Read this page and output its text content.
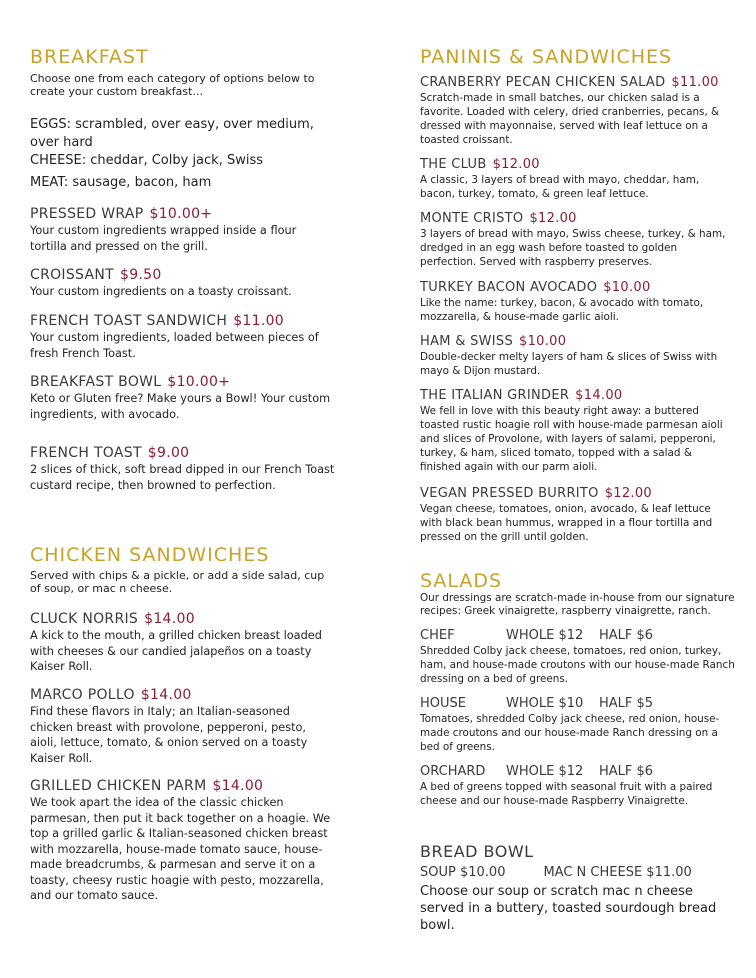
BREAKFAST
Choose one from each category of options below to create your custom breakfast...
EGGS: scrambled, over easy, over medium, over hard
CHEESE: cheddar, Colby jack, Swiss
MEAT: sausage, bacon, ham
PRESSED WRAP $10.00+
Your custom ingredients wrapped inside a flour tortilla and pressed on the grill.
CROISSANT $9.50
Your custom ingredients on a toasty croissant.
FRENCH TOAST SANDWICH $11.00
Your custom ingredients, loaded between pieces of fresh French Toast.
BREAKFAST BOWL $10.00+
Keto or Gluten free? Make yours a Bowl! Your custom ingredients, with avocado.
FRENCH TOAST $9.00
2 slices of thick, soft bread dipped in our French Toast custard recipe, then browned to perfection.
CHICKEN SANDWICHES
Served with chips & a pickle, or add a side salad, cup of soup, or mac n cheese.
CLUCK NORRIS $14.00
A kick to the mouth, a grilled chicken breast loaded with cheeses & our candied jalapeños on a toasty Kaiser Roll.
MARCO POLLO $14.00
Find these flavors in Italy; an Italian-seasoned chicken breast with provolone, pepperoni, pesto, aioli, lettuce, tomato, & onion served on a toasty Kaiser Roll.
GRILLED CHICKEN PARM $14.00
We took apart the idea of the classic chicken parmesan, then put it back together on a hoagie. We top a grilled garlic & Italian-seasoned chicken breast with mozzarella, house-made tomato sauce, house-made breadcrumbs, & parmesan and serve it on a toasty, cheesy rustic hoagie with pesto, mozzarella, and our tomato sauce.
PANINIS & SANDWICHES
CRANBERRY PECAN CHICKEN SALAD $11.00
Scratch-made in small batches, our chicken salad is a favorite. Loaded with celery, dried cranberries, pecans, & dressed with mayonnaise, served with leaf lettuce on a toasted croissant.
THE CLUB $12.00
A classic, 3 layers of bread with mayo, cheddar, ham, bacon, turkey, tomato, & green leaf lettuce.
MONTE CRISTO $12.00
3 layers of bread with mayo, Swiss cheese, turkey, & ham, dredged in an egg wash before toasted to golden perfection. Served with raspberry preserves.
TURKEY BACON AVOCADO $10.00
Like the name: turkey, bacon, & avocado with tomato, mozzarella, & house-made garlic aioli.
HAM & SWISS $10.00
Double-decker melty layers of ham & slices of Swiss with mayo & Dijon mustard.
THE ITALIAN GRINDER $14.00
We fell in love with this beauty right away: a buttered toasted rustic hoagie roll with house-made parmesan aioli and slices of Provolone, with layers of salami, pepperoni, turkey, & ham, sliced tomato, topped with a salad & finished again with our parm aioli.
VEGAN PRESSED BURRITO $12.00
Vegan cheese, tomatoes, onion, avocado, & leaf lettuce with black bean hummus, wrapped in a flour tortilla and pressed on the grill until golden.
SALADS
Our dressings are scratch-made in-house from our signature recipes: Greek vinaigrette, raspberry vinaigrette, ranch.
CHEF	WHOLE $12 HALF $6
Shredded Colby jack cheese, tomatoes, red onion, turkey, ham, and house-made croutons with our house-made Ranch dressing on a bed of greens.
HOUSE	WHOLE $10 HALF $5
Tomatoes, shredded Colby jack cheese, red onion, house-made croutons and our house-made Ranch dressing on a bed of greens.
ORCHARD WHOLE $12 HALF $6
A bed of greens topped with seasonal fruit with a paired cheese and our house-made Raspberry Vinaigrette.
BREAD BOWL
SOUP $10.00	MAC N CHEESE $11.00
Choose our soup or scratch mac n cheese served in a buttery, toasted sourdough bread bowl.
